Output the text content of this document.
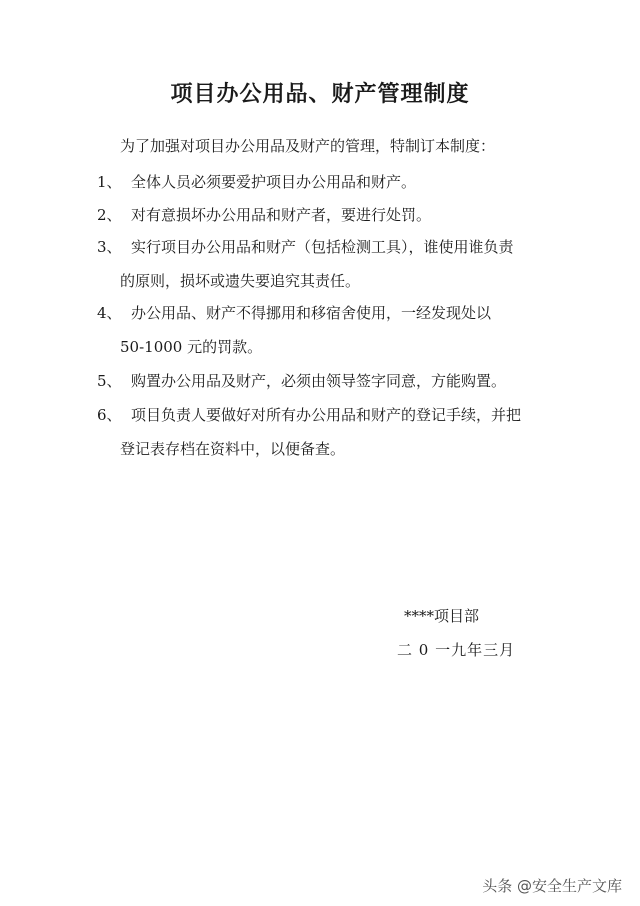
项目办公用品、财产管理制度
为了加强对项目办公用品及财产的管理，特制订本制度：
1、 全体人员必须要爱护项目办公用品和财产。
2、 对有意损坏办公用品和财产者，要进行处罚。
3、 实行项目办公用品和财产（包括检测工具），谁使用谁负责
的原则，损坏或遗失要追究其责任。
4、 办公用品、财产不得挪用和移宿舍使用，一经发现处以
50-1000 元的罚款。
5、 购置办公用品及财产，必须由领导签字同意，方能购置。
6、 项目负责人要做好对所有办公用品和财产的登记手续，并把
登记表存档在资料中，以便备查。
****项目部
二 0 一九年三月
头条 @安全生产文库
